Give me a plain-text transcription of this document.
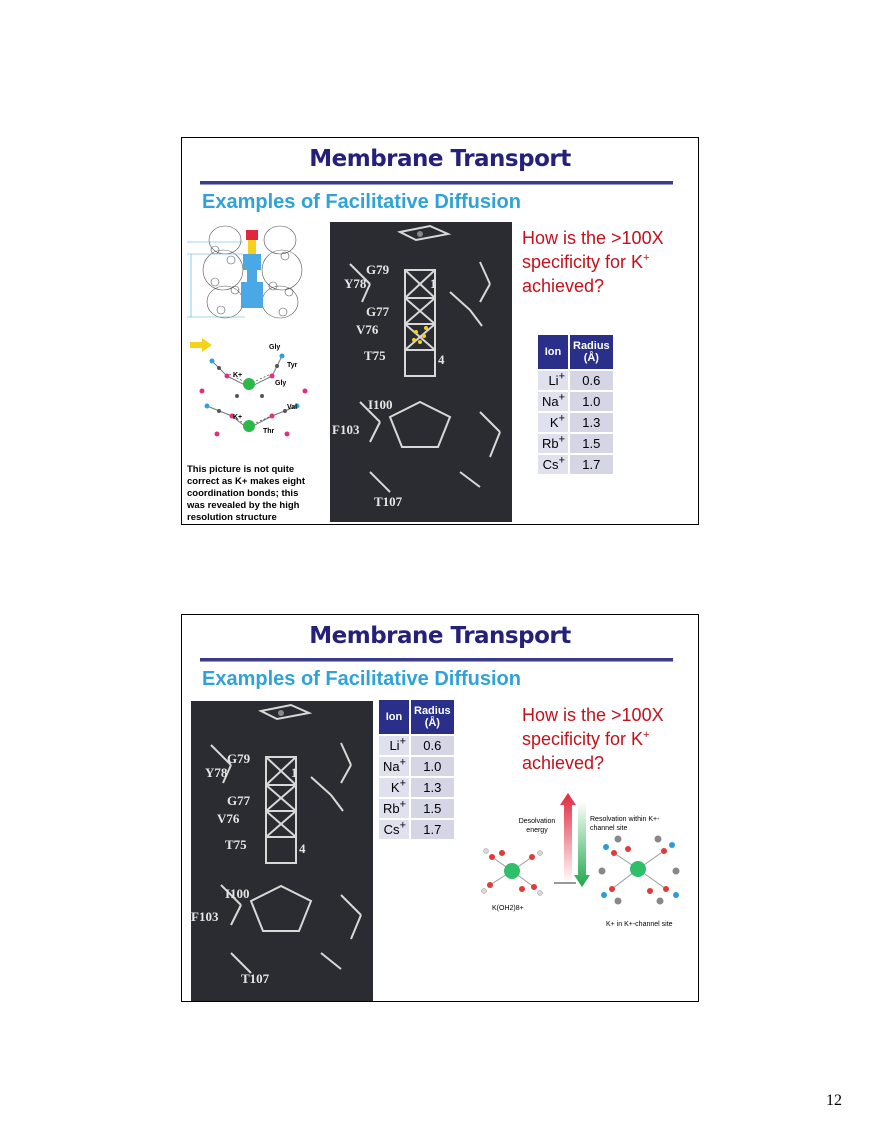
Membrane Transport
Examples of Facilitative Diffusion
Gly
Tyr
Gly
Val
Thr
K+
K+
This picture is not quite correct as K+ makes eight coordination bonds; this was revealed by the high resolution structure
G79
Y78
G77
V76
T75
I100
F103
T107
1
4
How is the >100X
specificity for K+
achieved?
Ion	Radius (Å)
Li+	0.6
Na+	1.0
K+	1.3
Rb+	1.5
Cs+	1.7
Membrane Transport
Examples of Facilitative Diffusion
G79
Y78
G77
V76
T75
I100
F103
T107
1
4
Ion	Radius (Å)
Li+	0.6
Na+	1.0
K+	1.3
Rb+	1.5
Cs+	1.7
How is the >100X
specificity for K+
achieved?
Desolvation energy
Resolvation within K+-channel site
K(OH2)8+
K+ in K+-channel site
12
